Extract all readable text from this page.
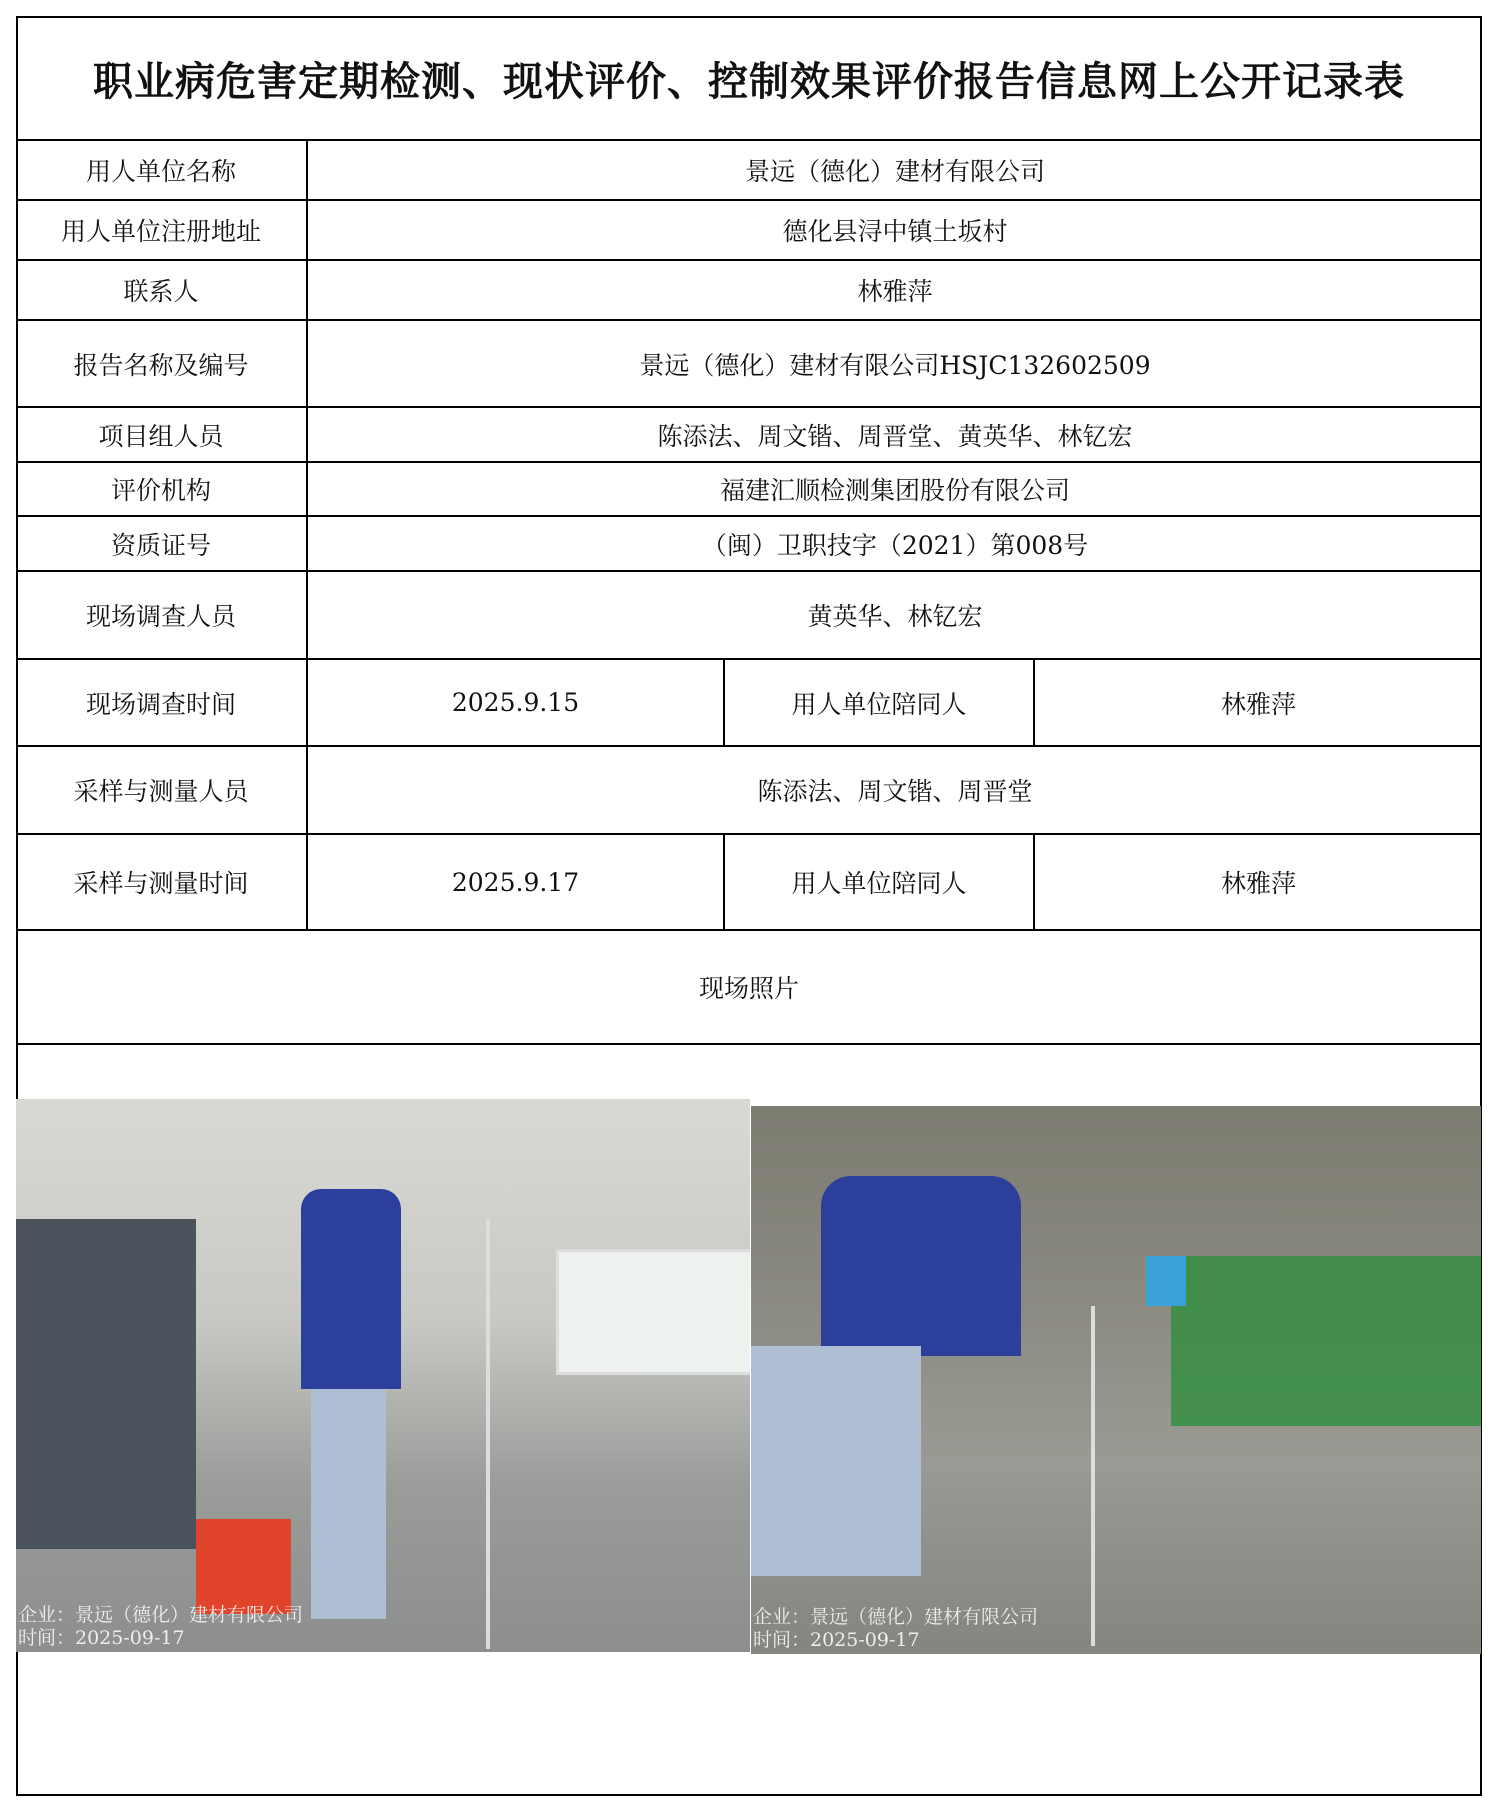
职业病危害定期检测、现状评价、控制效果评价报告信息网上公开记录表
用人单位名称	景远（德化）建材有限公司
用人单位注册地址	德化县浔中镇土坂村
联系人	林雅萍
报告名称及编号	景远（德化）建材有限公司HSJC132602509
项目组人员	陈添法、周文锴、周晋堂、黄英华、林钇宏
评价机构	福建汇顺检测集团股份有限公司
资质证号	（闽）卫职技字（2021）第008号
现场调查人员	黄英华、林钇宏
现场调查时间	2025.9.15	用人单位陪同人	林雅萍
采样与测量人员	陈添法、周文锴、周晋堂
采样与测量时间	2025.9.17	用人单位陪同人	林雅萍
现场照片
企业：景远（德化）建材有限公司
时间：2025-09-17
企业：景远（德化）建材有限公司
时间：2025-09-17
